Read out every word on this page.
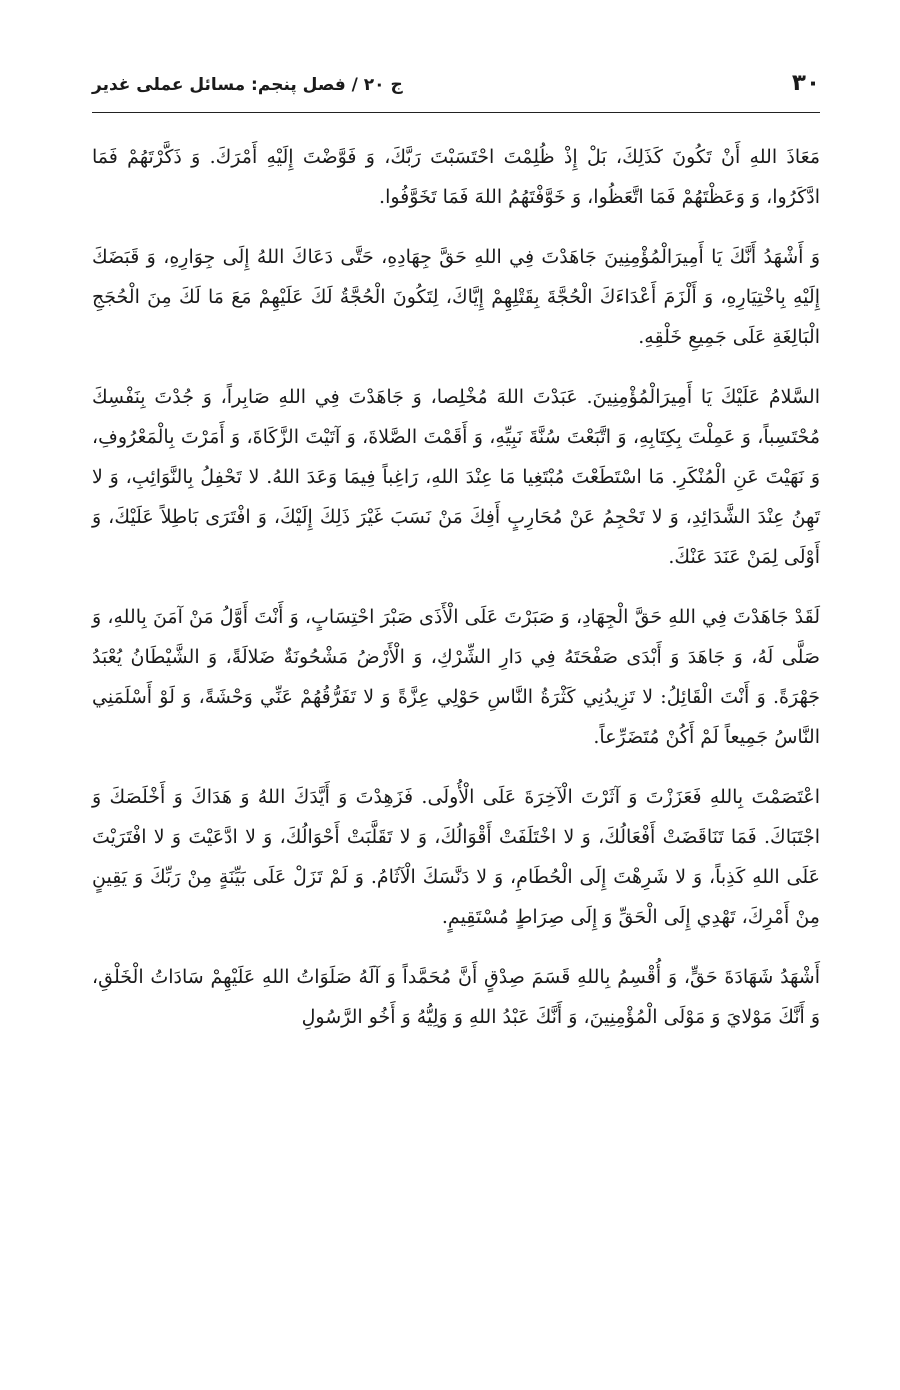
۳۰
ج ۲۰ / فصل پنجم: مسائل عملی غدیر

مَعَاذَ اللهِ أَنْ تَكُونَ كَذَلِكَ، بَلْ إِذْ ظُلِمْتَ احْتَسَبْتَ رَبَّكَ، وَ فَوَّضْتَ إِلَيْهِ أَمْرَكَ. وَ ذَكَّرْتَهُمْ فَمَا ادَّكَرُوا، وَ وَعَظْتَهُمْ فَمَا اتَّعَظُوا، وَ خَوَّفْتَهُمُ اللهَ فَمَا تَخَوَّفُوا.

وَ أَشْهَدُ أَنَّكَ يَا أَمِيرَالْمُؤْمِنِينَ جَاهَدْتَ فِي اللهِ حَقَّ جِهَادِهِ، حَتَّى دَعَاكَ اللهُ إِلَى جِوَارِهِ، وَ قَبَضَكَ إِلَيْهِ بِاخْتِيَارِهِ، وَ أَلْزَمَ أَعْدَاءَكَ الْحُجَّةَ بِقَتْلِهِمْ إِيَّاكَ، لِتَكُونَ الْحُجَّةُ لَكَ عَلَيْهِمْ مَعَ مَا لَكَ مِنَ الْحُجَجِ الْبَالِغَةِ عَلَى جَمِيعِ خَلْقِهِ.

السَّلامُ عَلَيْكَ يَا أَمِيرَالْمُؤْمِنِينَ. عَبَدْتَ اللهَ مُخْلِصا، وَ جَاهَدْتَ فِي اللهِ صَابِراً، وَ جُدْتَ بِنَفْسِكَ مُحْتَسِباً، وَ عَمِلْتَ بِكِتَابِهِ، وَ اتَّبَعْتَ سُنَّةَ نَبِيِّهِ، وَ أَقَمْتَ الصَّلاةَ، وَ آتَيْتَ الزَّكَاةَ، وَ أَمَرْتَ بِالْمَعْرُوفِ، وَ نَهَيْتَ عَنِ الْمُنْكَرِ. مَا اسْتَطَعْتَ مُبْتَغِيا مَا عِنْدَ اللهِ، رَاغِباً فِيمَا وَعَدَ اللهُ. لا تَحْفِلُ بِالنَّوَائِبِ، وَ لا تَهِنُ عِنْدَ الشَّدَائِدِ، وَ لا تَحْجِمُ عَنْ مُحَارِبٍ أَفِكَ مَنْ نَسَبَ غَيْرَ ذَلِكَ إِلَيْكَ، وَ افْتَرَى بَاطِلاً عَلَيْكَ، وَ أَوْلَى لِمَنْ عَنَدَ عَنْكَ.

لَقَدْ جَاهَدْتَ فِي اللهِ حَقَّ الْجِهَادِ، وَ صَبَرْتَ عَلَى الْأَذَى صَبْرَ احْتِسَابٍ، وَ أَنْتَ أَوَّلُ مَنْ آمَنَ بِاللهِ، وَ صَلَّى لَهُ، وَ جَاهَدَ وَ أَبْدَى صَفْحَتَهُ فِي دَارِ الشِّرْكِ، وَ الْأَرْضُ مَشْحُونَةٌ ضَلالَةً، وَ الشَّيْطَانُ يُعْبَدُ جَهْرَةً. وَ أَنْتَ الْقَائِلُ: لا تَزِيدُنِي كَثْرَةُ النَّاسِ حَوْلِي عِزَّةً وَ لا تَفَرُّقُهُمْ عَنِّي وَحْشَةً، وَ لَوْ أَسْلَمَنِي النَّاسُ جَمِيعاً لَمْ أَكُنْ مُتَضَرِّعاً.

اعْتَصَمْتَ بِاللهِ فَعَزَزْتَ وَ آثَرْتَ الْآخِرَةَ عَلَى الْأُولَى. فَزَهِدْتَ وَ أَيَّدَكَ اللهُ وَ هَدَاكَ وَ أَخْلَصَكَ وَ اجْتَبَاكَ. فَمَا تَنَاقَضَتْ أَفْعَالُكَ، وَ لا اخْتَلَفَتْ أَقْوَالُكَ، وَ لا تَقَلَّبَتْ أَحْوَالُكَ، وَ لا ادَّعَيْتَ وَ لا افْتَرَيْتَ عَلَى اللهِ كَذِباً، وَ لا شَرِهْتَ إِلَى الْحُطَامِ، وَ لا دَنَّسَكَ الْآثَامُ. وَ لَمْ تَزَلْ عَلَى بَيِّنَةٍ مِنْ رَبِّكَ وَ يَقِينٍ مِنْ أَمْرِكَ، تَهْدِي إِلَى الْحَقِّ وَ إِلَى صِرَاطٍ مُسْتَقِيمٍ.

أَشْهَدُ شَهَادَةَ حَقٍّ، وَ أُقْسِمُ بِاللهِ قَسَمَ صِدْقٍ أَنَّ مُحَمَّداً وَ آلَهُ صَلَوَاتُ اللهِ عَلَيْهِمْ سَادَاتُ الْخَلْقِ، وَ أَنَّكَ مَوْلايَ وَ مَوْلَى الْمُؤْمِنِينَ، وَ أَنَّكَ عَبْدُ اللهِ وَ وَلِيُّهُ وَ أَخُو الرَّسُولِ
